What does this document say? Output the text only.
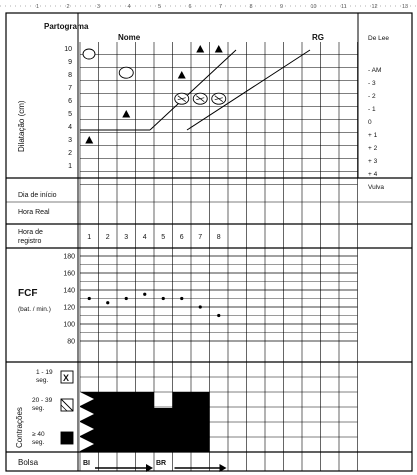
1	2	3	4	5	6	7	8	9	10	11	12	13
Partograma
Nome	RG	De Lee
10
9
8
7
6
5
4
3
2
1
- AM
- 3
- 2
- 1
0
+ 1
+ 2
+ 3
+ 4
Vulva
Dilatação (cm)
Dia de início
Hora Real
Hora de
registro
1 2 3 4 5 6 7 8
180
160
140
120
100
80
FCF
(bat. / min.)
Contrações
1 - 19
seg. X
20 - 39
seg.
≥ 40
seg.
Bolsa	BI	BR
